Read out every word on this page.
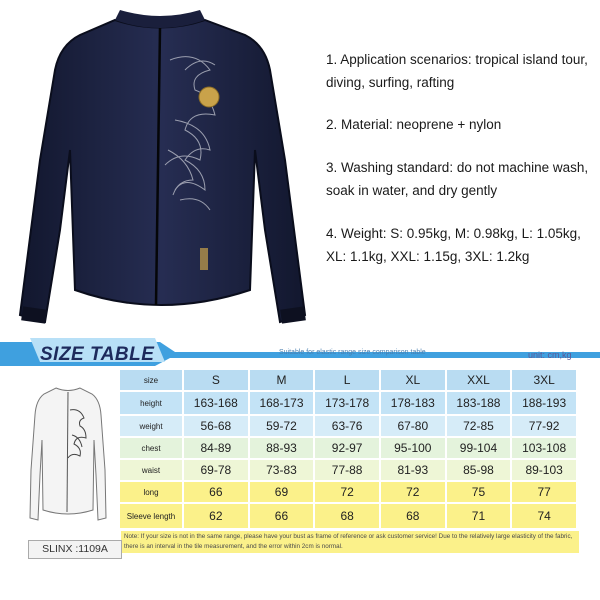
1. Application scenarios: tropical island tour, diving, surfing, rafting

2. Material: neoprene + nylon

3. Washing standard: do not machine wash, soak in water, and dry gently

4. Weight: S: 0.95kg, M: 0.98kg, L: 1.05kg, XL: 1.1kg, XXL: 1.15g, 3XL: 1.2kg

SIZE TABLE	Suitable for elastic range size comparison table	unit: cm,kg
size	S	M	L	XL	XXL	3XL
height	163-168	168-173	173-178	178-183	183-188	188-193
weight	56-68	59-72	63-76	67-80	72-85	77-92
chest	84-89	88-93	92-97	95-100	99-104	103-108
waist	69-78	73-83	77-88	81-93	85-98	89-103
long	66	69	72	72	75	77
Sleeve length	62	66	68	68	71	74
Note: If your size is not in the same range, please have your bust as frame of reference or ask customer service! Due to the relatively large elasticity of the fabric, there is an interval in the tile measurement, and the error within 2cm is normal.
SLINX :1109A
